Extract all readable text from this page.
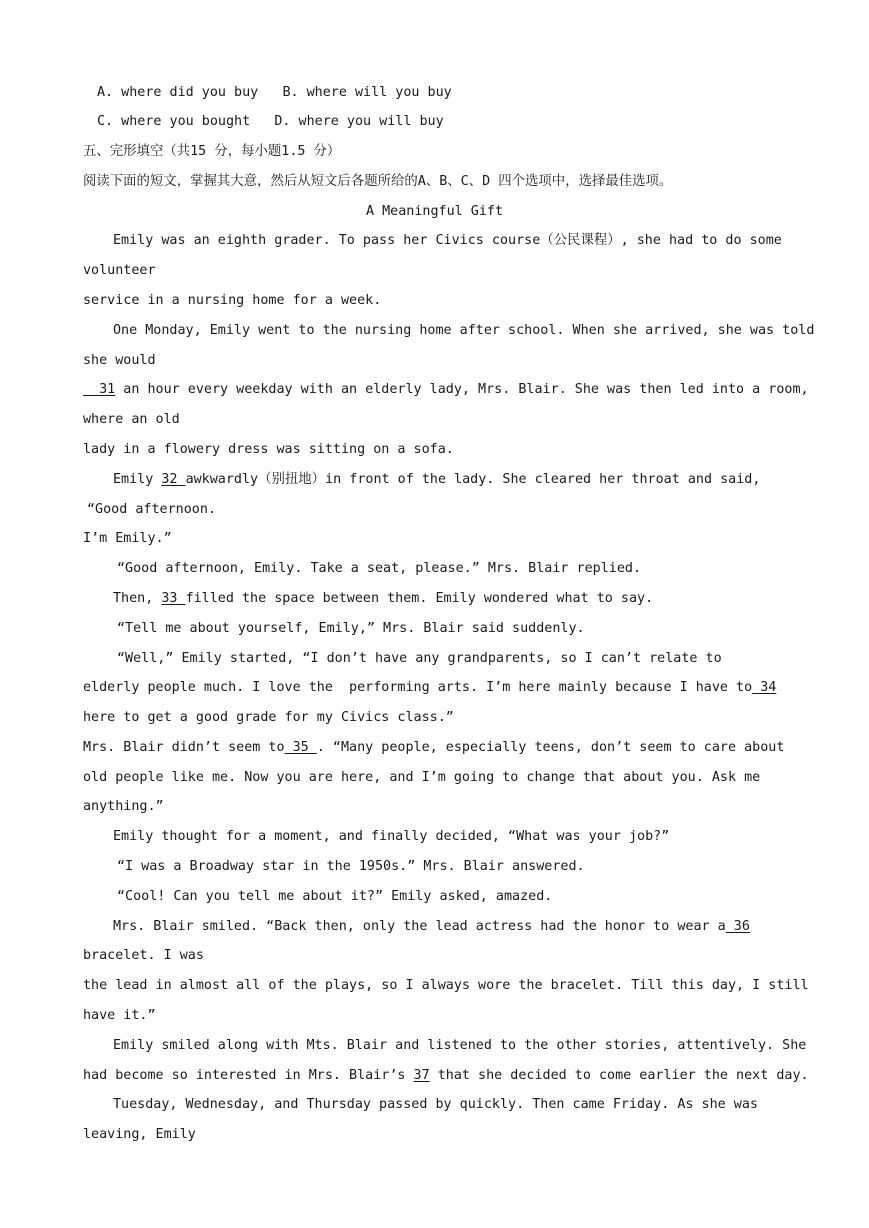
A. where did you buy B. where will you buy
C. where you bought D. where you will buy
五、完形填空（共15 分，每小题1.5 分）
阅读下面的短文，掌握其大意，然后从短文后各题所给的A、B、C、D 四个选项中，选择最佳选项。
A Meaningful Gift
Emily was an eighth grader. To pass her Civics course（公民课程）, she had to do some
volunteer
service in a nursing home for a week.
One Monday, Emily went to the nursing home after school. When she arrived, she was told
she would
31 an hour every weekday with an elderly lady, Mrs. Blair. She was then led into a room,
where an old
lady in a flowery dress was sitting on a sofa.
Emily 32 awkwardly（别扭地）in front of the lady. She cleared her throat and said,
“Good afternoon.
I’m Emily.”
“Good afternoon, Emily. Take a seat, please.” Mrs. Blair replied.
Then, 33 filled the space between them. Emily wondered what to say.
“Tell me about yourself, Emily,” Mrs. Blair said suddenly.
“Well,” Emily started, “I don’t have any grandparents, so I can’t relate to
elderly people much. I love the  performing arts. I’m here mainly because I have to 34
here to get a good grade for my Civics class.”
Mrs. Blair didn’t seem to 35 . “Many people, especially teens, don’t seem to care about
old people like me. Now you are here, and I’m going to change that about you. Ask me
anything.”
Emily thought for a moment, and finally decided, “What was your job?”
“I was a Broadway star in the 1950s.” Mrs. Blair answered.
“Cool! Can you tell me about it?” Emily asked, amazed.
Mrs. Blair smiled. “Back then, only the lead actress had the honor to wear a 36
bracelet. I was
the lead in almost all of the plays, so I always wore the bracelet. Till this day, I still
have it.”
Emily smiled along with Mts. Blair and listened to the other stories, attentively. She
had become so interested in Mrs. Blair’s 37 that she decided to come earlier the next day.
Tuesday, Wednesday, and Thursday passed by quickly. Then came Friday. As she was
leaving, Emily
